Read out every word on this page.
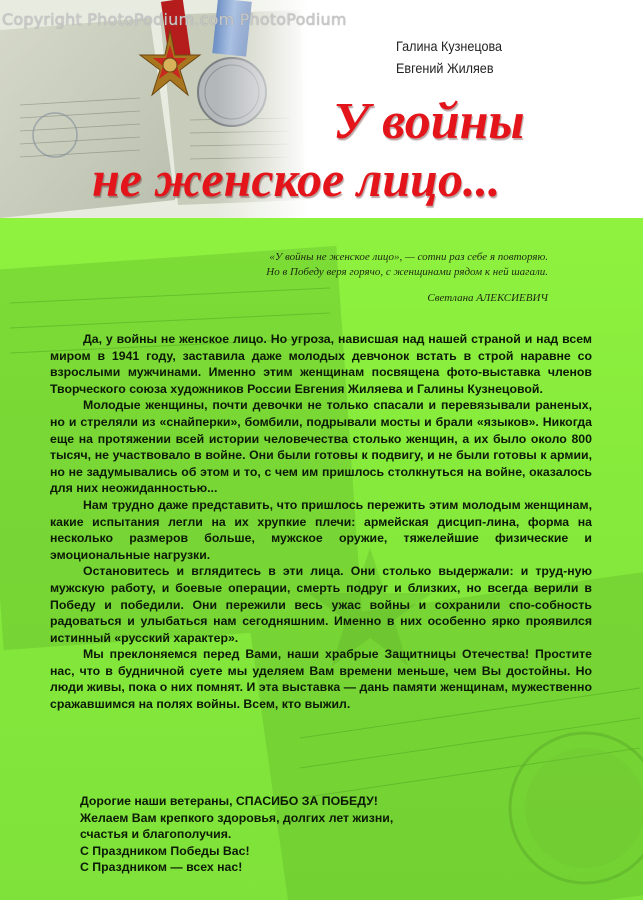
Copyright PhotoPodium.com PhotoPodium
Галина Кузнецова
Евгений Жиляев
У войны
не женское лицо...
«У войны не женское лицо», — сотни раз себе я повторяю.
Но в Победу веря горячо, с женщинами рядом к ней шагали.
Светлана АЛЕКСИЕВИЧ

Да, у войны не женское лицо. Но угроза, нависшая над нашей страной и над всем миром в 1941 году, заставила даже молодых девчонок встать в строй наравне со взрослыми мужчинами. Именно этим женщинам посвящена фото-выставка членов Творческого союза художников России Евгения Жиляева и Галины Кузнецовой.

Молодые женщины, почти девочки не только спасали и перевязывали раненых, но и стреляли из «снайперки», бомбили, подрывали мосты и брали «языков». Никогда еще на протяжении всей истории человечества столько женщин, а их было около 800 тысяч, не участвовало в войне. Они были готовы к подвигу, и не были готовы к армии, но не задумывались об этом и то, с чем им пришлось столкнуться на войне, оказалось для них неожиданностью...

Нам трудно даже представить, что пришлось пережить этим молодым женщинам, какие испытания легли на их хрупкие плечи: армейская дисцип-лина, форма на несколько размеров больше, мужское оружие, тяжелейшие физические и эмоциональные нагрузки.

Остановитесь и вглядитесь в эти лица. Они столько выдержали: и труд-ную мужскую работу, и боевые операции, смерть подруг и близких, но всегда верили в Победу и победили. Они пережили весь ужас войны и сохранили спо-собность радоваться и улыбаться нам сегодняшним. Именно в них особенно ярко проявился истинный «русский характер».

Мы преклоняемся перед Вами, наши храбрые Защитницы Отечества! Простите нас, что в будничной суете мы уделяем Вам времени меньше, чем Вы достойны. Но люди живы, пока о них помнят. И эта выставка — дань памяти женщинам, мужественно сражавшимся на полях войны. Всем, кто выжил.

Дорогие наши ветераны, СПАСИБО ЗА ПОБЕДУ!
Желаем Вам крепкого здоровья, долгих лет жизни,
счастья и благополучия.
С Праздником Победы Вас!
С Праздником — всех нас!
